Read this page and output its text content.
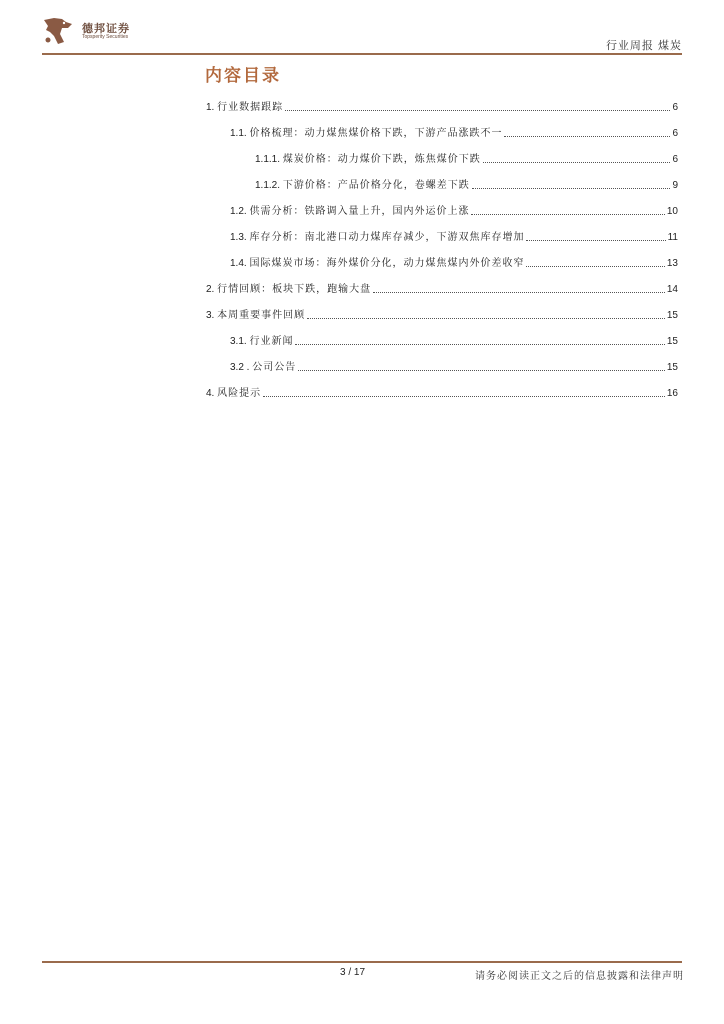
德邦证券
Topsperity Securities
行业周报 煤炭
内容目录
1. 行业数据跟踪	6
1.1. 价格梳理：动力煤焦煤价格下跌，下游产品涨跌不一	6
1.1.1. 煤炭价格：动力煤价下跌，炼焦煤价下跌	6
1.1.2. 下游价格：产品价格分化，卷螺差下跌	9
1.2. 供需分析：铁路调入量上升，国内外运价上涨	10
1.3. 库存分析：南北港口动力煤库存减少，下游双焦库存增加	11
1.4. 国际煤炭市场：海外煤价分化，动力煤焦煤内外价差收窄	13
2. 行情回顾：板块下跌，跑输大盘	14
3. 本周重要事件回顾	15
3.1. 行业新闻	15
3.2 . 公司公告	15
4. 风险提示	16
3 / 17	请务必阅读正文之后的信息披露和法律声明
